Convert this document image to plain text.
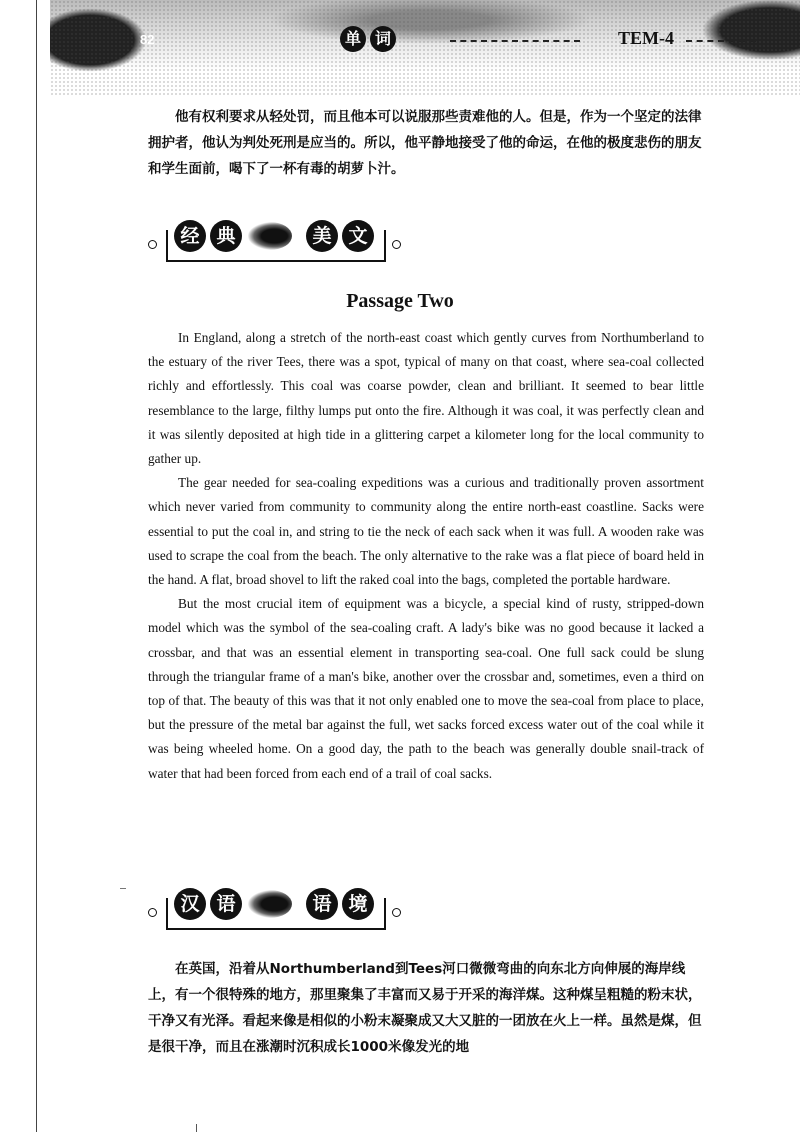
82	单 词	TEM-4

他有权利要求从轻处罚，而且他本可以说服那些责难他的人。但是，作为一个坚定的法律拥护者，他认为判处死刑是应当的。所以，他平静地接受了他的命运，在他的极度悲伤的朋友和学生面前，喝下了一杯有毒的胡萝卜汁。

经 典	美 文
Passage Two

In England, along a stretch of the north-east coast which gently curves from Northumberland to the estuary of the river Tees, there was a spot, typical of many on that coast, where sea-coal collected richly and effortlessly. This coal was coarse powder, clean and brilliant. It seemed to bear little resemblance to the large, filthy lumps put onto the fire. Although it was coal, it was perfectly clean and it was silently deposited at high tide in a glittering carpet a kilometer long for the local community to gather up.

The gear needed for sea-coaling expeditions was a curious and traditionally proven assortment which never varied from community to community along the entire north-east coastline. Sacks were essential to put the coal in, and string to tie the neck of each sack when it was full. A wooden rake was used to scrape the coal from the beach. The only alternative to the rake was a flat piece of board held in the hand. A flat, broad shovel to lift the raked coal into the bags, completed the portable hardware.

But the most crucial item of equipment was a bicycle, a special kind of rusty, stripped-down model which was the symbol of the sea-coaling craft. A lady's bike was no good because it lacked a crossbar, and that was an essential element in transporting sea-coal. One full sack could be slung through the triangular frame of a man's bike, another over the crossbar and, sometimes, even a third on top of that. The beauty of this was that it not only enabled one to move the sea-coal from place to place, but the pressure of the metal bar against the full, wet sacks forced excess water out of the coal while it was being wheeled home. On a good day, the path to the beach was generally double snail-track of water that had been forced from each end of a trail of coal sacks.

汉 语	语 境

在英国，沿着从Northumberland到Tees河口微微弯曲的向东北方向伸展的海岸线上，有一个很特殊的地方，那里聚集了丰富而又易于开采的海洋煤。这种煤呈粗糙的粉末状，干净又有光泽。看起来像是相似的小粉末凝聚成又大又脏的一团放在火上一样。虽然是煤，但是很干净，而且在涨潮时沉积成长1000米像发光的地
